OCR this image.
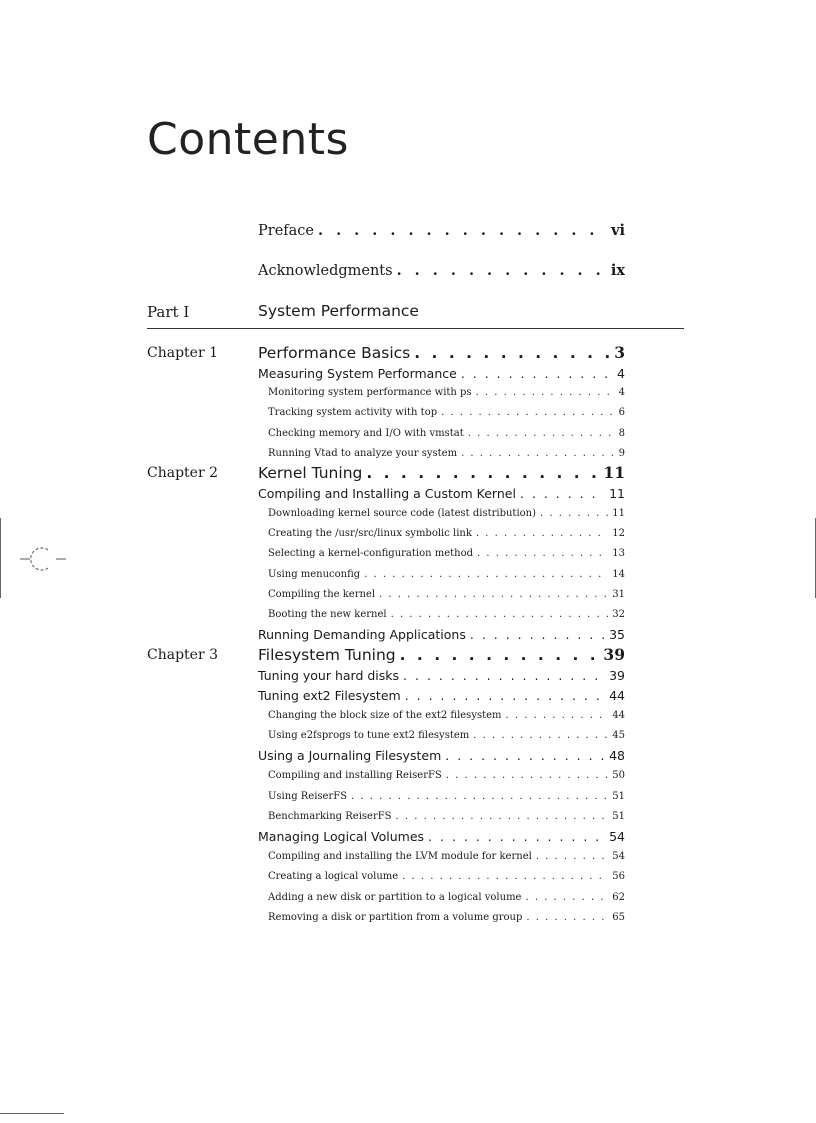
Contents
Preface . . .	vi
Acknowledgments . . .	ix
Part I	System Performance
Chapter 1	Performance Basics . . .	3
Measuring System Performance . . .	4
Monitoring system performance with ps . . .	4
Tracking system activity with top . . .	6
Checking memory and I/O with vmstat . . .	8
Running Vtad to analyze your system . . .	9
Chapter 2	Kernel Tuning . . .	11
Compiling and Installing a Custom Kernel . . .	11
Downloading kernel source code (latest distribution) . . .	11
Creating the /usr/src/linux symbolic link . . .	12
Selecting a kernel-configuration method . . .	13
Using menuconfig . . .	14
Compiling the kernel . . .	31
Booting the new kernel . . .	32
Running Demanding Applications . . .	35
Chapter 3	Filesystem Tuning . . .	39
Tuning your hard disks . . .	39
Tuning ext2 Filesystem . . .	44
Changing the block size of the ext2 filesystem . . .	44
Using e2fsprogs to tune ext2 filesystem . . .	45
Using a Journaling Filesystem . . .	48
Compiling and installing ReiserFS . . .	50
Using ReiserFS . . .	51
Benchmarking ReiserFS . . .	51
Managing Logical Volumes . . .	54
Compiling and installing the LVM module for kernel . . .	54
Creating a logical volume . . .	56
Adding a new disk or partition to a logical volume . . .	62
Removing a disk or partition from a volume group . . .	65
